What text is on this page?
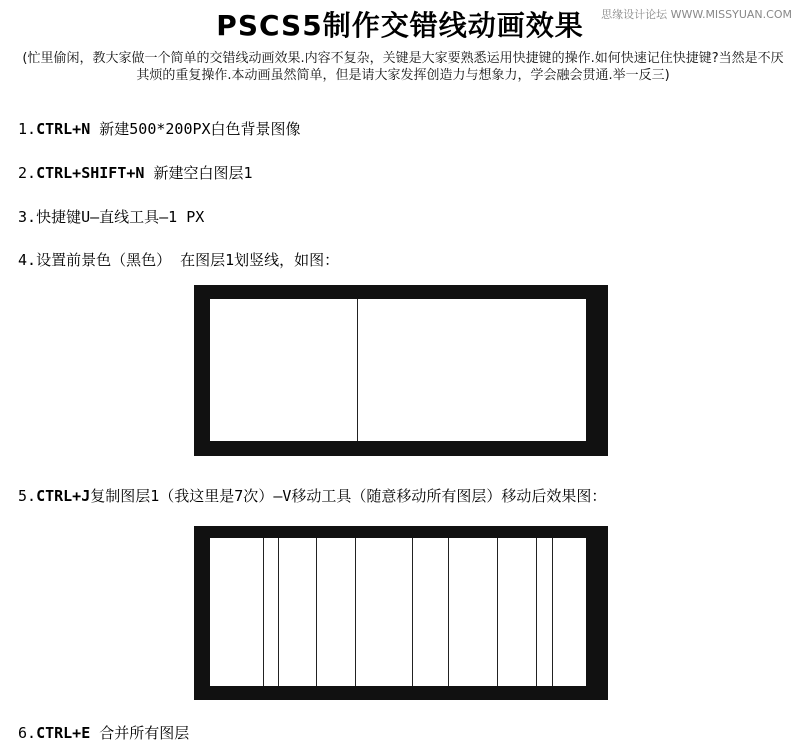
思缘设计论坛 WWW.MISSYUAN.COM
PSCS5制作交错线动画效果
(忙里偷闲，教大家做一个简单的交错线动画效果.内容不复杂，关键是大家要熟悉运用快捷键的操作.如何快速记住快捷键?当然是不厌其烦的重复操作.本动画虽然简单，但是请大家发挥创造力与想象力，学会融会贯通.举一反三)
1.CTRL+N 新建500*200PX白色背景图像
2.CTRL+SHIFT+N 新建空白图层1
3.快捷键U—直线工具—1 PX
4.设置前景色（黑色） 在图层1划竖线，如图：
5.CTRL+J复制图层1（我这里是7次）—V移动工具（随意移动所有图层）移动后效果图：
6.CTRL+E 合并所有图层
